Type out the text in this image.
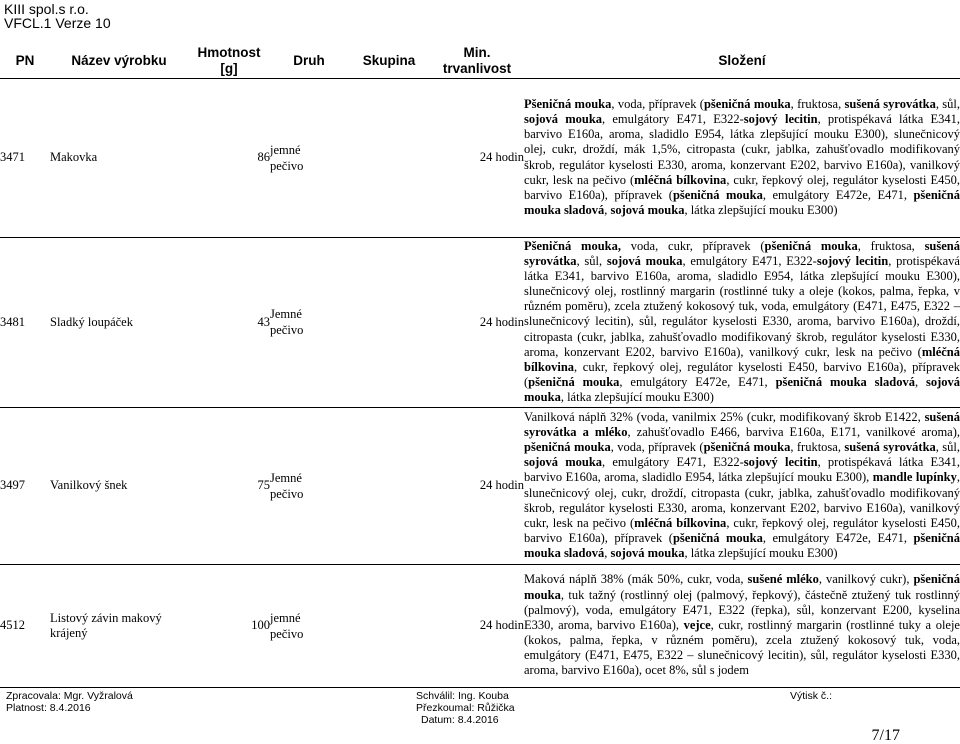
KIII spol.s r.o.
VFCL.1 Verze 10
PN	Název výrobku	Hmotnost [g]	Druh	Skupina	Min.
trvanlivost	Složení
3471	Makovka	86	jemné
pečivo		24 hodin	Pšeničná mouka, voda, přípravek (pšeničná mouka, fruktosa, sušená syrovátka, sůl, sojová mouka, emulgátory E471, E322-sojový lecitin, protispékavá látka E341, barvivo E160a, aroma, sladidlo E954, látka zlepšující mouku E300), slunečnicový olej, cukr, droždí, mák 1,5%, citropasta (cukr, jablka, zahušťovadlo modifikovaný škrob, regulátor kyselosti E330, aroma, konzervant E202, barvivo E160a), vanilkový cukr, lesk na pečivo (mléčná bílkovina, cukr, řepkový olej, regulátor kyselosti E450, barvivo E160a), přípravek (pšeničná mouka, emulgátory E472e, E471, pšeničná mouka sladová, sojová mouka, látka zlepšující mouku E300)

3481	Sladký loupáček	43	Jemné
pečivo		24 hodin	Pšeničná mouka, voda, cukr, přípravek (pšeničná mouka, fruktosa, sušená syrovátka, sůl, sojová mouka, emulgátory E471, E322-sojový lecitin, protispékavá látka E341, barvivo E160a, aroma, sladidlo E954, látka zlepšující mouku E300), slunečnicový olej, rostlinný margarin (rostlinné tuky a oleje (kokos, palma, řepka, v různém poměru), zcela ztužený kokosový tuk, voda, emulgátory (E471, E475, E322 – slunečnicový lecitin), sůl, regulátor kyselosti E330, aroma, barvivo E160a), droždí, citropasta (cukr, jablka, zahušťovadlo modifikovaný škrob, regulátor kyselosti E330, aroma, konzervant E202, barvivo E160a), vanilkový cukr, lesk na pečivo (mléčná bílkovina, cukr, řepkový olej, regulátor kyselosti E450, barvivo E160a), přípravek (pšeničná mouka, emulgátory E472e, E471, pšeničná mouka sladová, sojová mouka, látka zlepšující mouku E300)

3497	Vanilkový šnek	75	Jemné
pečivo		24 hodin	Vanilková náplň 32% (voda, vanilmix 25% (cukr, modifikovaný škrob E1422, sušená syrovátka a mléko, zahušťovadlo E466, barviva E160a, E171, vanilkové aroma), pšeničná mouka, voda, přípravek (pšeničná mouka, fruktosa, sušená syrovátka, sůl, sojová mouka, emulgátory E471, E322-sojový lecitin, protispékavá látka E341, barvivo E160a, aroma, sladidlo E954, látka zlepšující mouku E300), mandle lupínky, slunečnicový olej, cukr, droždí, citropasta (cukr, jablka, zahušťovadlo modifikovaný škrob, regulátor kyselosti E330, aroma, konzervant E202, barvivo E160a), vanilkový cukr, lesk na pečivo (mléčná bílkovina, cukr, řepkový olej, regulátor kyselosti E450, barvivo E160a), přípravek (pšeničná mouka, emulgátory E472e, E471, pšeničná mouka sladová, sojová mouka, látka zlepšující mouku E300)

4512	Listový závin makový
krájený	100	jemné
pečivo		24 hodin	Maková náplň 38% (mák 50%, cukr, voda, sušené mléko, vanilkový cukr), pšeničná mouka, tuk tažný (rostlinný olej (palmový, řepkový), částečně ztužený tuk rostlinný (palmový), voda, emulgátory E471, E322 (řepka), sůl, konzervant E200, kyselina E330, aroma, barvivo E160a), vejce, cukr, rostlinný margarin (rostlinné tuky a oleje (kokos, palma, řepka, v různém poměru), zcela ztužený kokosový tuk, voda, emulgátory (E471, E475, E322 – slunečnicový lecitin), sůl, regulátor kyselosti E330, aroma, barvivo E160a), ocet 8%, sůl s jodem

Zpracovala: Mgr. Vyžralová
Platnost: 8.4.2016
Schválil: Ing. Kouba
Přezkoumal: Růžička
Datum: 8.4.2016
Výtisk č.:
7/17
